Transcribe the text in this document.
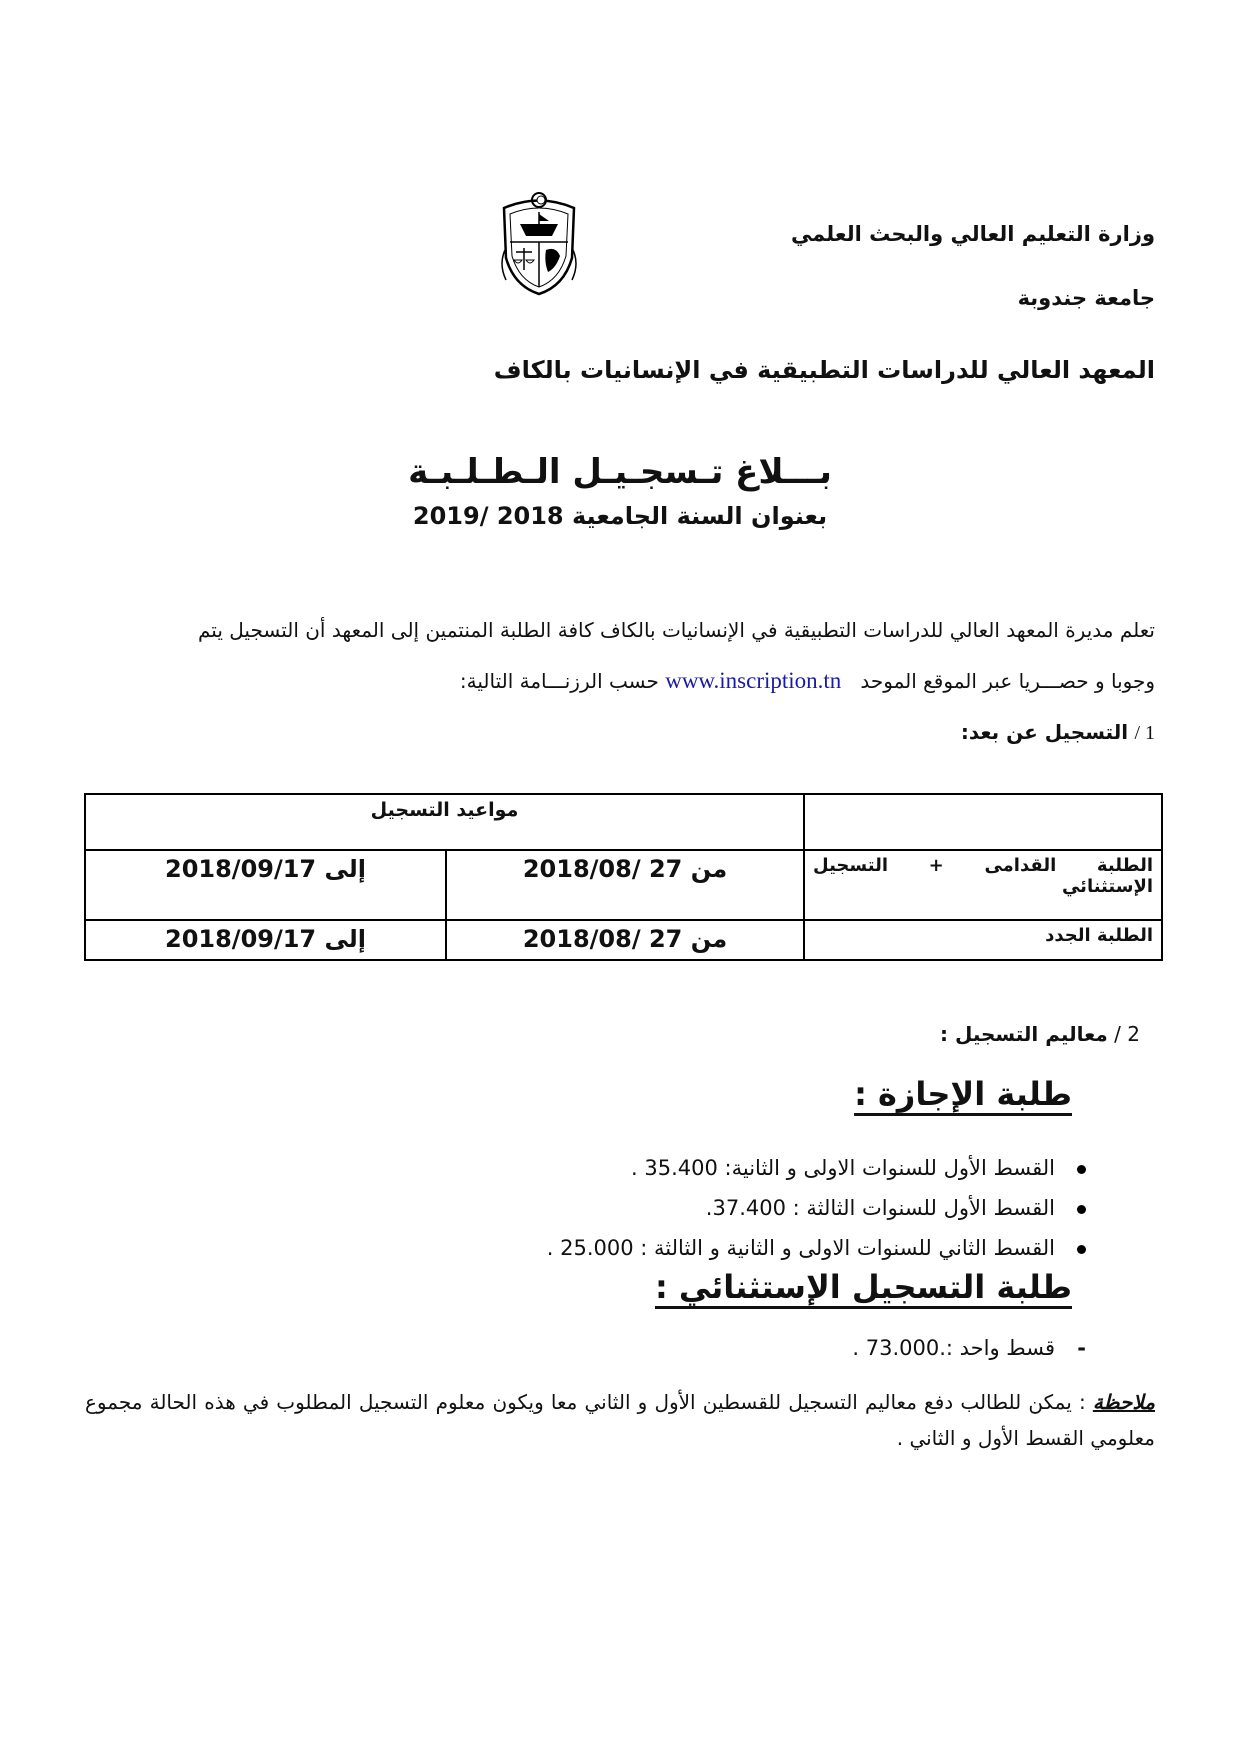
وزارة التعليم العالي والبحث العلمي
جامعة جندوبة
المعهد العالي للدراسات التطبيقية في الإنسانيات بالكاف
بـــلاغ تـسجـيـل الـطـلـبـة
بعنوان السنة الجامعية 2018 /2019
تعلم مديرة المعهد العالي للدراسات التطبيقية في الإنسانيات بالكاف كافة الطلبة المنتمين إلى المعهد أن التسجيل يتم
وجوبا و حصـــريا عبر الموقع الموحد   www.inscription.tn حسب الرزنـــامة التالية:
1 / التسجيل عن بعد:
	مواعيد التسجيل	

الطلبة القدامى + التسجيل
الإستثنائي	من 27 /2018/08	إلى 2018/09/17

الطلبة الجدد	من 27 /2018/08	إلى 2018/09/17
2 / معاليم التسجيل :
طلبة الإجازة :
القسط الأول للسنوات الاولى و الثانية: 35.400 .
القسط الأول للسنوات الثالثة : 37.400.
القسط الثاني للسنوات الاولى و الثانية و الثالثة : 25.000 .
طلبة التسجيل الإستثنائي :
-
قسط واحد :.73.000 .
ملاحظة : يمكن للطالب دفع معاليم التسجيل للقسطين الأول و الثاني معا ويكون معلوم التسجيل المطلوب في هذه الحالة مجموع معلومي القسط الأول و الثاني .
